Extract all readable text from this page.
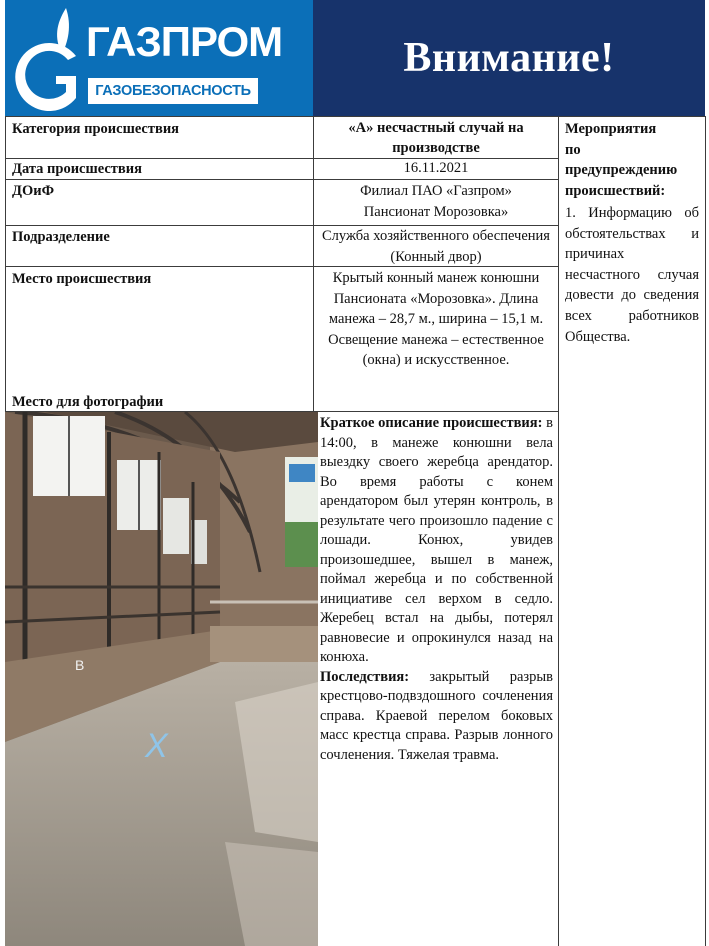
ГАЗПРОМ
ГАЗОБЕЗОПАСНОСТЬ
Внимание!
Категория происшествия	«А» несчастный случай на производстве
Дата происшествия	16.11.2021
ДОиФ	Филиал ПАО «Газпром» Пансионат Морозовка»
Подразделение	Служба хозяйственного обеспечения (Конный двор)
Место происшествия	Крытый конный манеж конюшни Пансионата «Морозовка». Длина манежа – 28,7 м., ширина – 15,1 м. Освещение манежа – естественное (окна) и искусственное.
Место для фотографии
Мероприятия по предупреждению происшествий:
1. Информацию об обстоятельствах и причинах несчастного случая довести до сведения всех работников Общества.
В
X
Краткое описание происшествия: в 14:00, в манеже конюшни вела выездку своего жеребца арендатор. Во время работы с конем арендатором был утерян контроль, в результате чего произошло падение с лошади. Конюх, увидев произошедшее, вышел в манеж, поймал жеребца и по собственной инициативе сел верхом в седло. Жеребец встал на дыбы, потерял равновесие и опрокинулся назад на конюха.
Последствия: закрытый разрыв крестцово-подвздошного сочленения справа. Краевой перелом боковых масс крестца справа. Разрыв лонного сочленения. Тяжелая травма.
